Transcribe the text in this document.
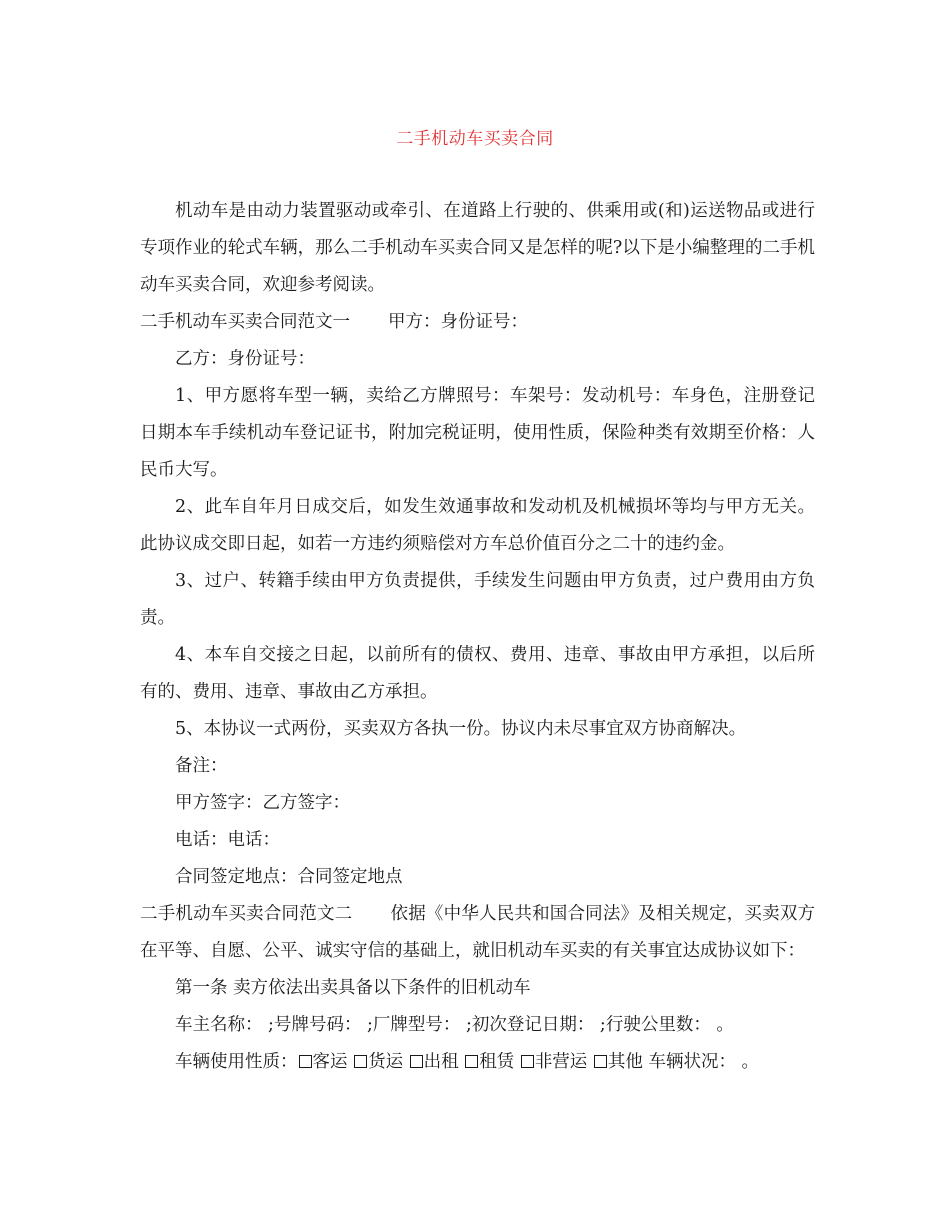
二手机动车买卖合同

机动车是由动力装置驱动或牵引、在道路上行驶的、供乘用或(和)运送物品或进行专项作业的轮式车辆，那么二手机动车买卖合同又是怎样的呢?以下是小编整理的二手机动车买卖合同，欢迎参考阅读。

二手机动车买卖合同范文一 甲方：身份证号：

乙方：身份证号：

1、甲方愿将车型一辆，卖给乙方牌照号：车架号：发动机号：车身色，注册登记日期本车手续机动车登记证书，附加完税证明，使用性质，保险种类有效期至价格：人民币大写。

2、此车自年月日成交后，如发生效通事故和发动机及机械损坏等均与甲方无关。此协议成交即日起，如若一方违约须赔偿对方车总价值百分之二十的违约金。

3、过户、转籍手续由甲方负责提供，手续发生问题由甲方负责，过户费用由方负责。

4、本车自交接之日起，以前所有的债权、费用、违章、事故由甲方承担，以后所有的、费用、违章、事故由乙方承担。

5、本协议一式两份，买卖双方各执一份。协议内未尽事宜双方协商解决。

备注：

甲方签字：乙方签字：

电话：电话：

合同签定地点：合同签定地点

二手机动车买卖合同范文二 依据《中华人民共和国合同法》及相关规定，买卖双方在平等、自愿、公平、诚实守信的基础上，就旧机动车买卖的有关事宜达成协议如下：

第一条 卖方依法出卖具备以下条件的旧机动车

车主名称： ;号牌号码： ;厂牌型号： ;初次登记日期： ;行驶公里数： 。

车辆使用性质： 客运 货运 出租 租赁 非营运 其他 车辆状况： 。
